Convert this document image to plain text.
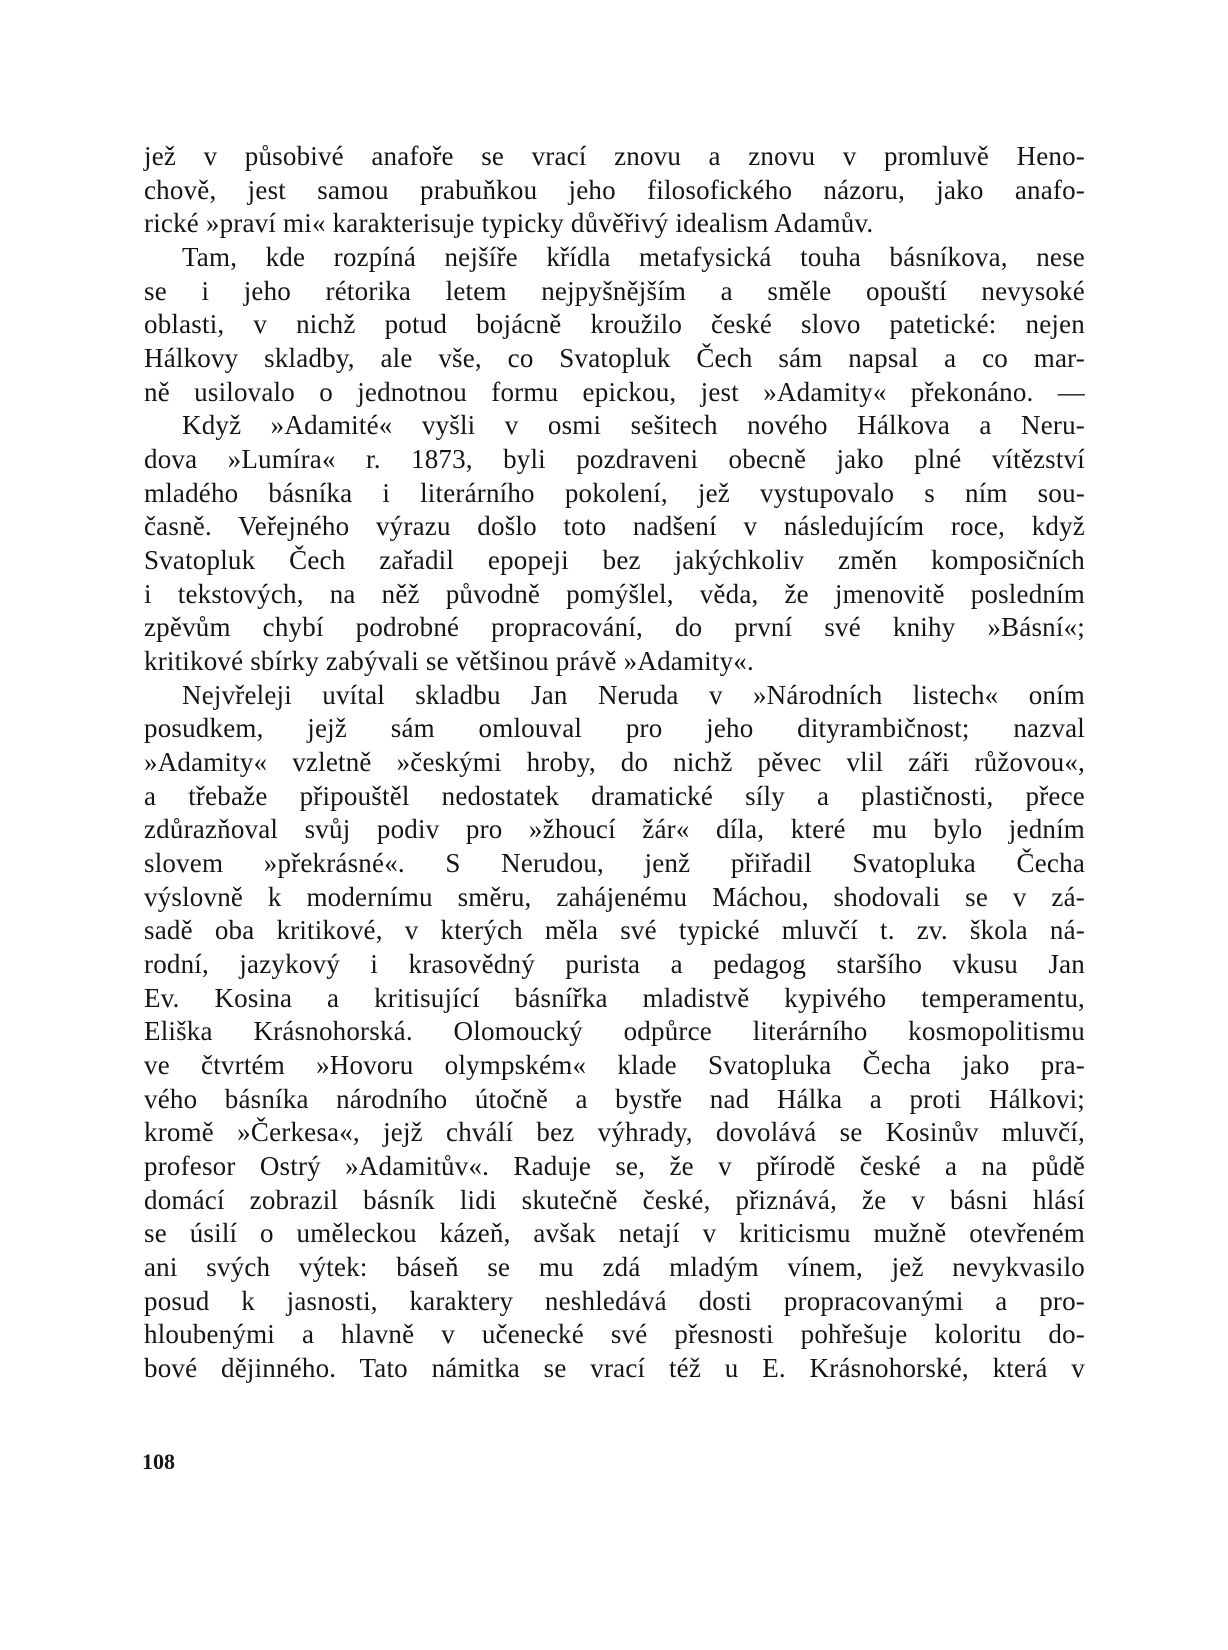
jež v působivé anafoře se vrací znovu a znovu v promluvě Heno-
chově, jest samou prabuňkou jeho filosofického názoru, jako anafo-
rické »praví mi« karakterisuje typicky důvěřivý idealism Adamův.
Tam, kde rozpíná nejšíře křídla metafysická touha básníkova, nese
se i jeho rétorika letem nejpyšnějším a směle opouští nevysoké
oblasti, v nichž potud bojácně kroužilo české slovo patetické: nejen
Hálkovy skladby, ale vše, co Svatopluk Čech sám napsal a co mar-
ně usilovalo o jednotnou formu epickou, jest »Adamity« překonáno. —
Když »Adamité« vyšli v osmi sešitech nového Hálkova a Neru-
dova »Lumíra« r. 1873, byli pozdraveni obecně jako plné vítězství
mladého básníka i literárního pokolení, jež vystupovalo s ním sou-
časně. Veřejného výrazu došlo toto nadšení v následujícím roce, když
Svatopluk Čech zařadil epopeji bez jakýchkoliv změn komposičních
i tekstových, na něž původně pomýšlel, věda, že jmenovitě posledním
zpěvům chybí podrobné propracování, do první své knihy »Básní«;
kritikové sbírky zabývali se většinou právě »Adamity«.
Nejvřeleji uvítal skladbu Jan Neruda v »Národních listech« oním
posudkem, jejž sám omlouval pro jeho dityrambičnost; nazval
»Adamity« vzletně »českými hroby, do nichž pěvec vlil záři růžovou«,
a třebaže připouštěl nedostatek dramatické síly a plastičnosti, přece
zdůrazňoval svůj podiv pro »žhoucí žár« díla, které mu bylo jedním
slovem »překrásné«. S Nerudou, jenž přiřadil Svatopluka Čecha
výslovně k modernímu směru, zahájenému Máchou, shodovali se v zá-
sadě oba kritikové, v kterých měla své typické mluvčí t. zv. škola ná-
rodní, jazykový i krasovědný purista a pedagog staršího vkusu Jan
Ev. Kosina a kritisující básnířka mladistvě kypivého temperamentu,
Eliška Krásnohorská. Olomoucký odpůrce literárního kosmopolitismu
ve čtvrtém »Hovoru olympském« klade Svatopluka Čecha jako pra-
vého básníka národního útočně a bystře nad Hálka a proti Hálkovi;
kromě »Čerkesa«, jejž chválí bez výhrady, dovolává se Kosinův mluvčí,
profesor Ostrý »Adamitův«. Raduje se, že v přírodě české a na půdě
domácí zobrazil básník lidi skutečně české, přiznává, že v básni hlásí
se úsilí o uměleckou kázeň, avšak netají v kriticismu mužně otevřeném
ani svých výtek: báseň se mu zdá mladým vínem, jež nevykvasilo
posud k jasnosti, karaktery neshledává dosti propracovanými a pro-
hloubenými a hlavně v učenecké své přesnosti pohřešuje koloritu do-
bové dějinného. Tato námitka se vrací též u E. Krásnohorské, která v
108
